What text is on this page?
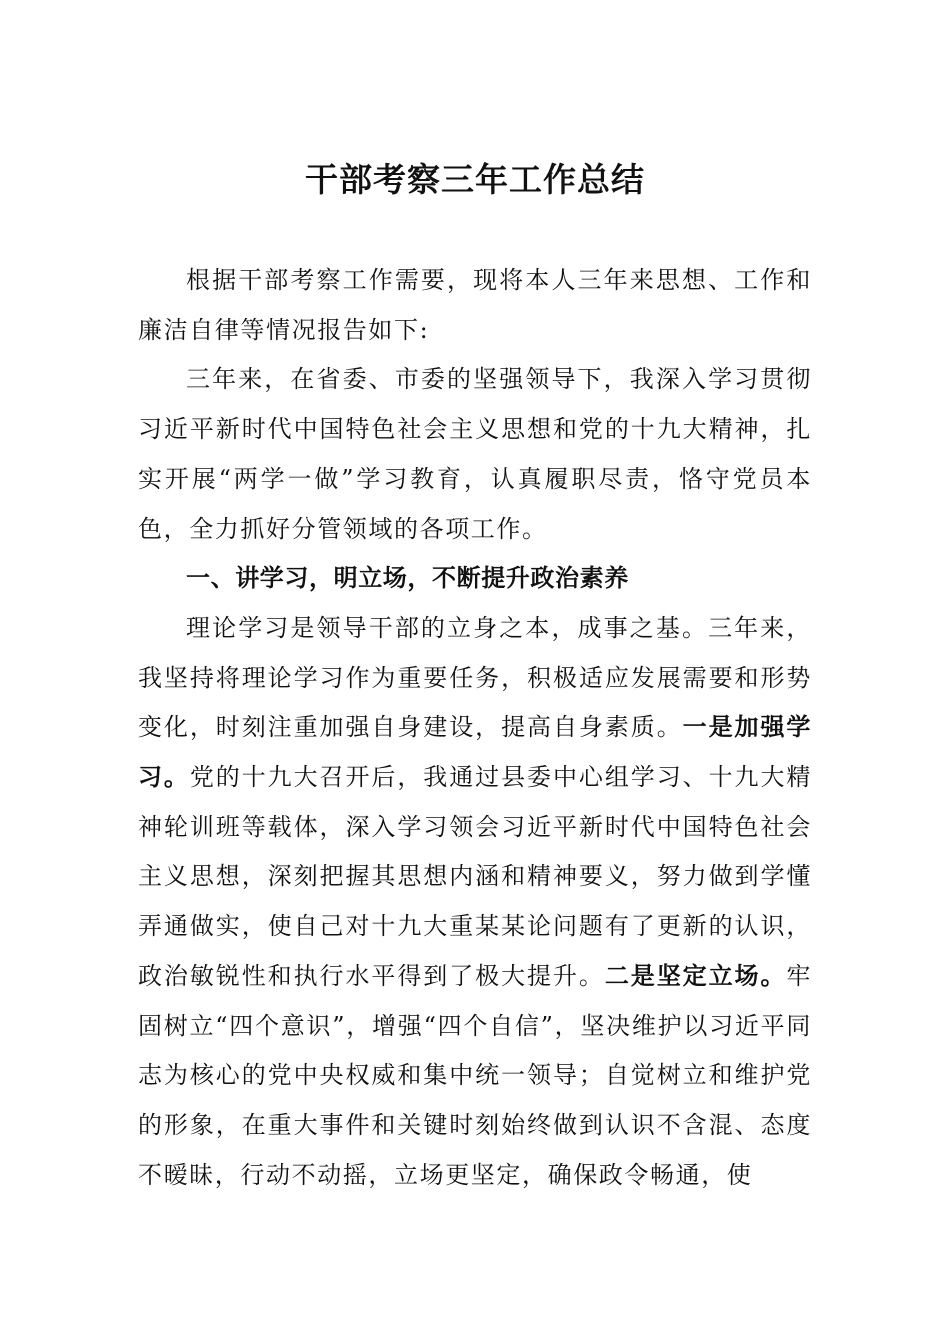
干部考察三年工作总结

根据干部考察工作需要，现将本人三年来思想、工作和廉洁自律等情况报告如下:

三年来，在省委、市委的坚强领导下，我深入学习贯彻习近平新时代中国特色社会主义思想和党的十九大精神，扎实开展“两学一做”学习教育，认真履职尽责，恪守党员本色，全力抓好分管领域的各项工作。

一、讲学习，明立场，不断提升政治素养

理论学习是领导干部的立身之本，成事之基。三年来，我坚持将理论学习作为重要任务，积极适应发展需要和形势变化，时刻注重加强自身建设，提高自身素质。一是加强学习。党的十九大召开后，我通过县委中心组学习、十九大精神轮训班等载体，深入学习领会习近平新时代中国特色社会主义思想，深刻把握其思想内涵和精神要义，努力做到学懂弄通做实，使自己对十九大重某某论问题有了更新的认识，政治敏锐性和执行水平得到了极大提升。二是坚定立场。牢固树立“四个意识”，增强“四个自信”，坚决维护以习近平同志为核心的党中央权威和集中统一领导；自觉树立和维护党的形象，在重大事件和关键时刻始终做到认识不含混、态度不暧昧，行动不动摇，立场更坚定，确保政令畅通，使
